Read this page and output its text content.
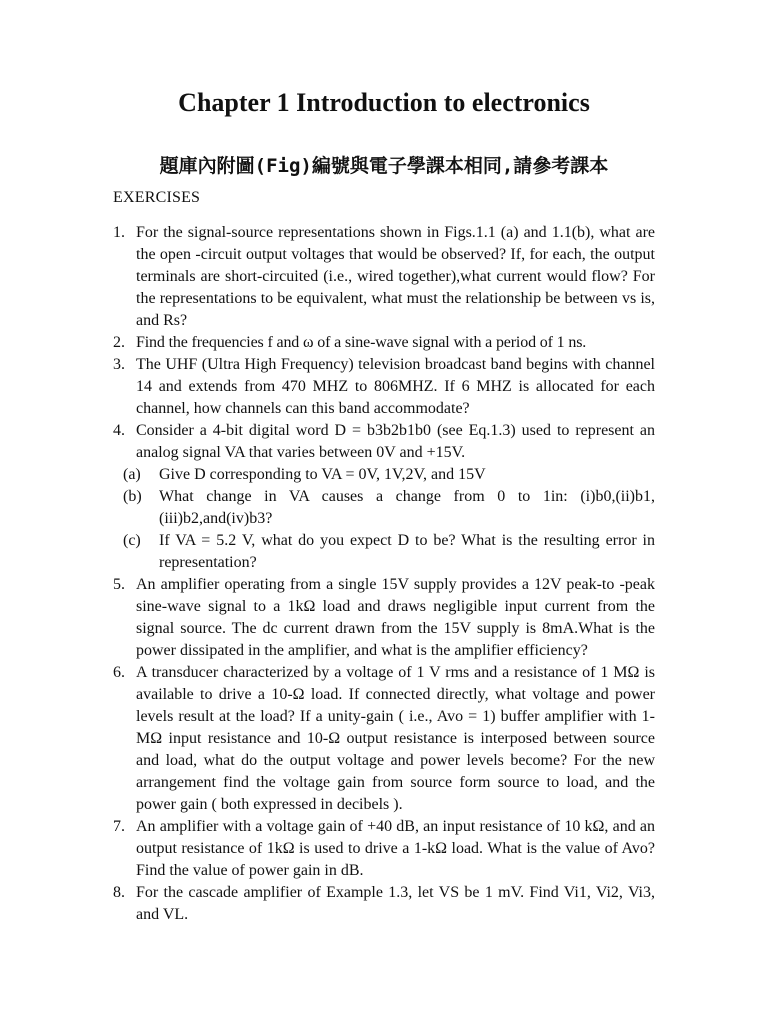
Chapter 1 Introduction to electronics
題庫內附圖(Fig)編號與電子學課本相同,請參考課本
EXERCISES
1. For the signal-source representations shown in Figs.1.1 (a) and 1.1(b), what are the open -circuit output voltages that would be observed? If, for each, the output terminals are short-circuited (i.e., wired together),what current would flow? For the representations to be equivalent, what must the relationship be between vs is, and Rs?
2. Find the frequencies f and ω of a sine-wave signal with a period of 1 ns.
3. The UHF (Ultra High Frequency) television broadcast band begins with channel 14 and extends from 470 MHZ to 806MHZ. If 6 MHZ is allocated for each channel, how channels can this band accommodate?
4. Consider a 4-bit digital word D = b3b2b1b0 (see Eq.1.3) used to represent an analog signal VA that varies between 0V and +15V.
(a) Give D corresponding to VA = 0V, 1V,2V, and 15V
(b) What change in VA causes a change from 0 to 1in: (i)b0,(ii)b1, (iii)b2,and(iv)b3?
(c) If VA = 5.2 V, what do you expect D to be? What is the resulting error in representation?
5. An amplifier operating from a single 15V supply provides a 12V peak-to -peak sine-wave signal to a 1kΩ load and draws negligible input current from the signal source. The dc current drawn from the 15V supply is 8mA.What is the power dissipated in the amplifier, and what is the amplifier efficiency?
6. A transducer characterized by a voltage of 1 V rms and a resistance of 1 MΩ is available to drive a 10-Ω load. If connected directly, what voltage and power levels result at the load? If a unity-gain ( i.e., Avo = 1) buffer amplifier with 1-MΩ input resistance and 10-Ω output resistance is interposed between source and load, what do the output voltage and power levels become? For the new arrangement find the voltage gain from source form source to load, and the power gain ( both expressed in decibels ).
7. An amplifier with a voltage gain of +40 dB, an input resistance of 10 kΩ, and an output resistance of 1kΩ is used to drive a 1-kΩ load. What is the value of Avo? Find the value of power gain in dB.
8. For the cascade amplifier of Example 1.3, let VS be 1 mV. Find Vi1, Vi2, Vi3, and VL.
